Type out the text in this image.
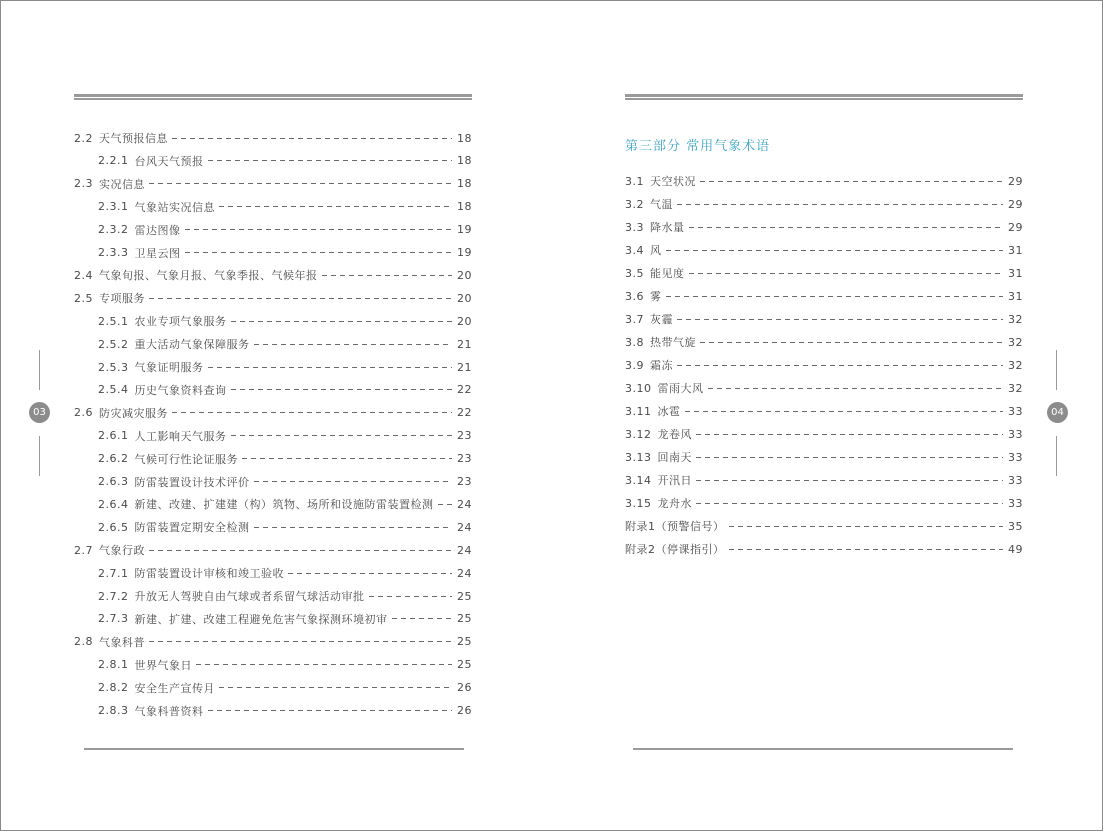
2.2 天气预报信息	18
2.2.1 台风天气预报	18
2.3 实况信息	18
2.3.1 气象站实况信息	18
2.3.2 雷达图像	19
2.3.3 卫星云图	19
2.4 气象旬报、气象月报、气象季报、气候年报	20
2.5 专项服务	20
2.5.1 农业专项气象服务	20
2.5.2 重大活动气象保障服务	21
2.5.3 气象证明服务	21
2.5.4 历史气象资料查询	22
2.6 防灾减灾服务	22
2.6.1 人工影响天气服务	23
2.6.2 气候可行性论证服务	23
2.6.3 防雷装置设计技术评价	23
2.6.4 新建、改建、扩建建（构）筑物、场所和设施防雷装置检测 24
2.6.5 防雷装置定期安全检测	24
2.7 气象行政	24
2.7.1 防雷装置设计审核和竣工验收	24
2.7.2 升放无人驾驶自由气球或者系留气球活动审批	25
2.7.3 新建、扩建、改建工程避免危害气象探测环境初审	25
2.8 气象科普	25
2.8.1 世界气象日	25
2.8.2 安全生产宣传月	26
2.8.3 气象科普资料	26
03
第三部分 常用气象术语
3.1 天空状况	29
3.2 气温	29
3.3 降水量	29
3.4 风	31
3.5 能见度	31
3.6 雾	31
3.7 灰霾	32
3.8 热带气旋	32
3.9 霜冻	32
3.10 雷雨大风	32
3.11 冰雹	33
3.12 龙卷风	33
3.13 回南天	33
3.14 开汛日	33
3.15 龙舟水	33
附录1（预警信号）	35
附录2（停课指引）	49
04
